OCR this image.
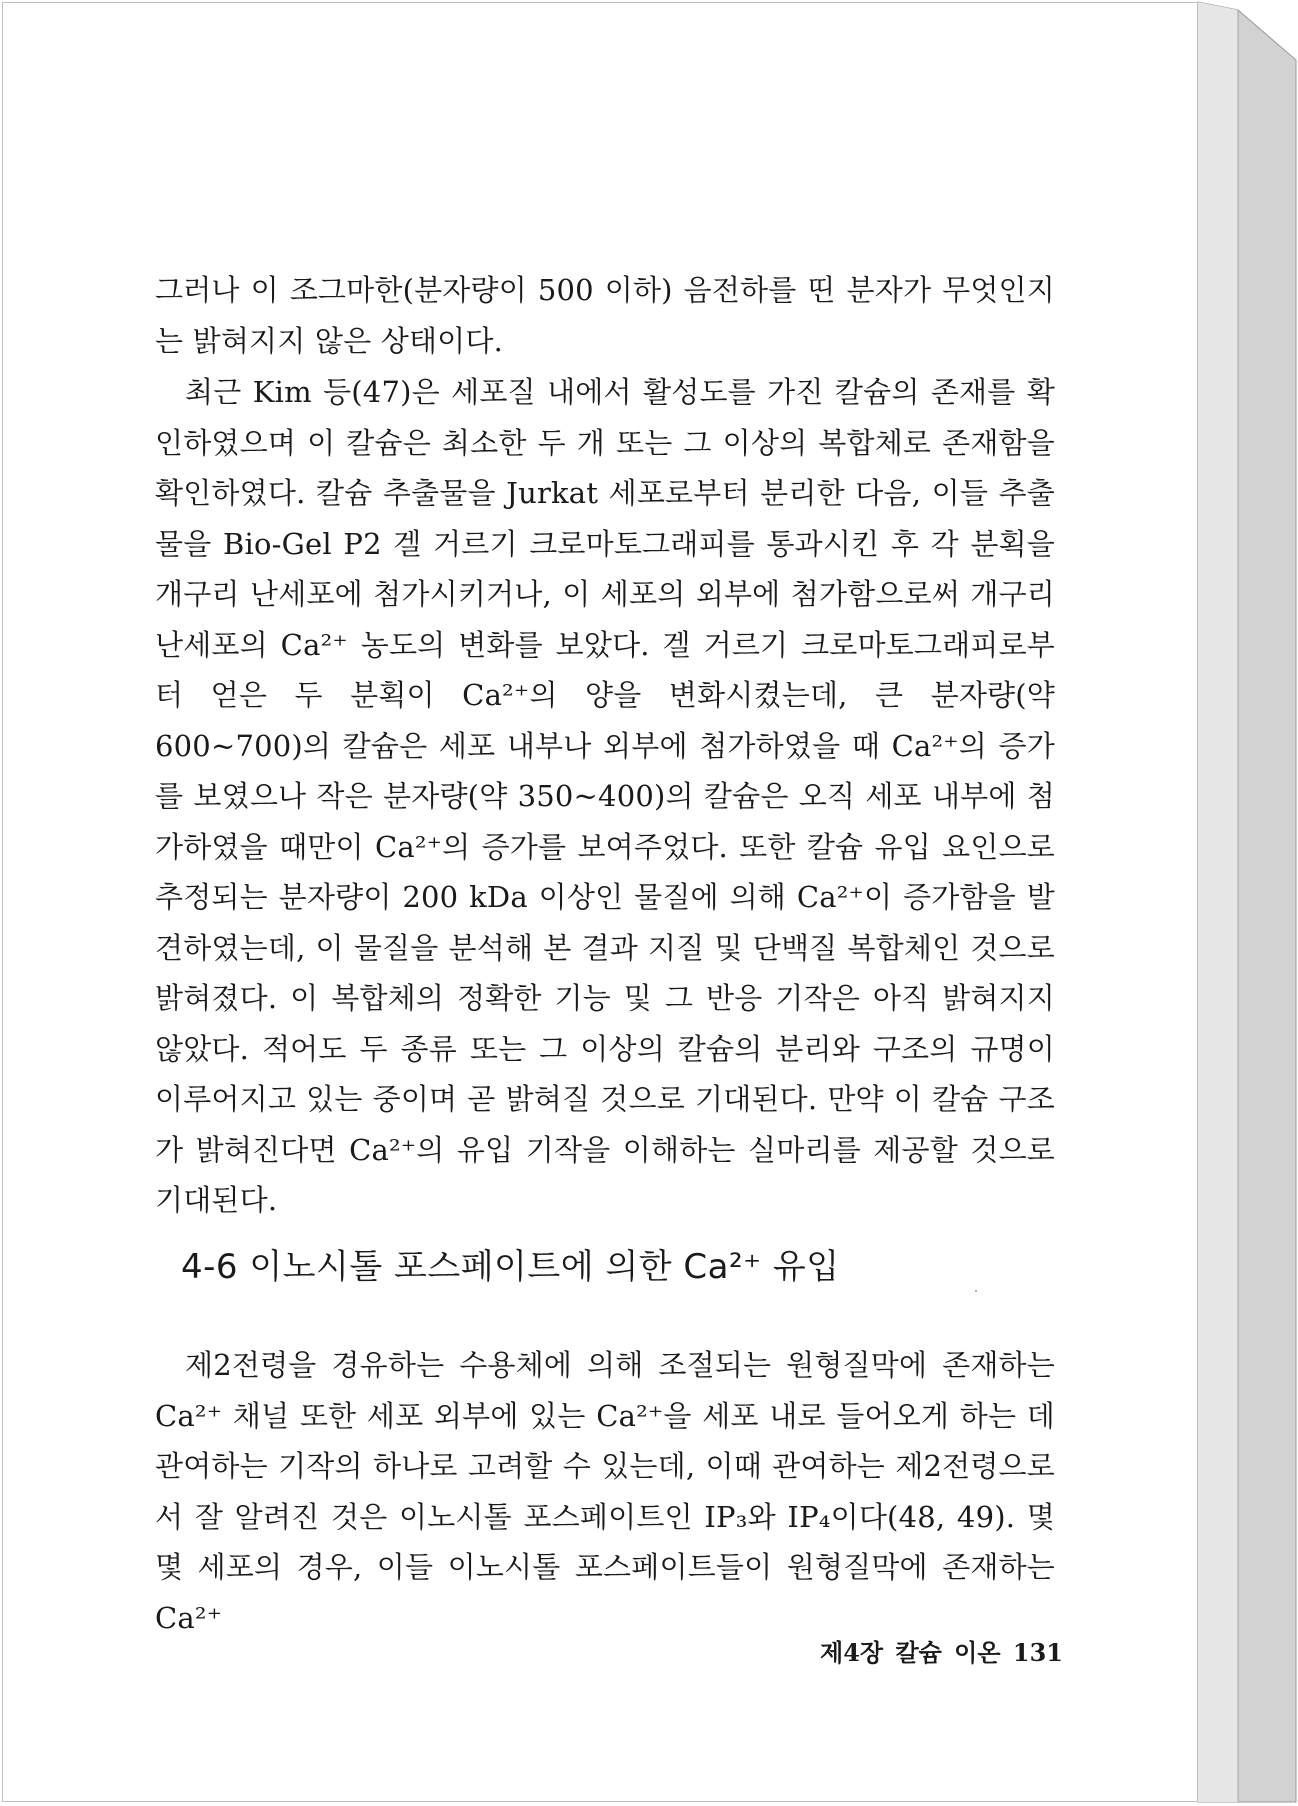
그러나 이 조그마한(분자량이 500 이하) 음전하를 띤 분자가 무엇인지는 밝혀지지 않은 상태이다.

최근 Kim 등(47)은 세포질 내에서 활성도를 가진 칼슘의 존재를 확인하였으며 이 칼슘은 최소한 두 개 또는 그 이상의 복합체로 존재함을 확인하였다. 칼슘 추출물을 Jurkat 세포로부터 분리한 다음, 이들 추출물을 Bio-Gel P2 겔 거르기 크로마토그래피를 통과시킨 후 각 분획을 개구리 난세포에 첨가시키거나, 이 세포의 외부에 첨가함으로써 개구리 난세포의 Ca²⁺ 농도의 변화를 보았다. 겔 거르기 크로마토그래피로부터 얻은 두 분획이 Ca²⁺의 양을 변화시켰는데, 큰 분자량(약 600~700)의 칼슘은 세포 내부나 외부에 첨가하였을 때 Ca²⁺의 증가를 보였으나 작은 분자량(약 350~400)의 칼슘은 오직 세포 내부에 첨가하였을 때만이 Ca²⁺의 증가를 보여주었다. 또한 칼슘 유입 요인으로 추정되는 분자량이 200 kDa 이상인 물질에 의해 Ca²⁺이 증가함을 발견하였는데, 이 물질을 분석해 본 결과 지질 및 단백질 복합체인 것으로 밝혀졌다. 이 복합체의 정확한 기능 및 그 반응 기작은 아직 밝혀지지 않았다. 적어도 두 종류 또는 그 이상의 칼슘의 분리와 구조의 규명이 이루어지고 있는 중이며 곧 밝혀질 것으로 기대된다. 만약 이 칼슘 구조가 밝혀진다면 Ca²⁺의 유입 기작을 이해하는 실마리를 제공할 것으로 기대된다.

4-6 이노시톨 포스페이트에 의한 Ca²⁺ 유입

제2전령을 경유하는 수용체에 의해 조절되는 원형질막에 존재하는 Ca²⁺ 채널 또한 세포 외부에 있는 Ca²⁺을 세포 내로 들어오게 하는 데 관여하는 기작의 하나로 고려할 수 있는데, 이때 관여하는 제2전령으로서 잘 알려진 것은 이노시톨 포스페이트인 IP₃와 IP₄이다(48, 49). 몇몇 세포의 경우, 이들 이노시톨 포스페이트들이 원형질막에 존재하는 Ca²⁺

제4장 칼슘 이온 131
